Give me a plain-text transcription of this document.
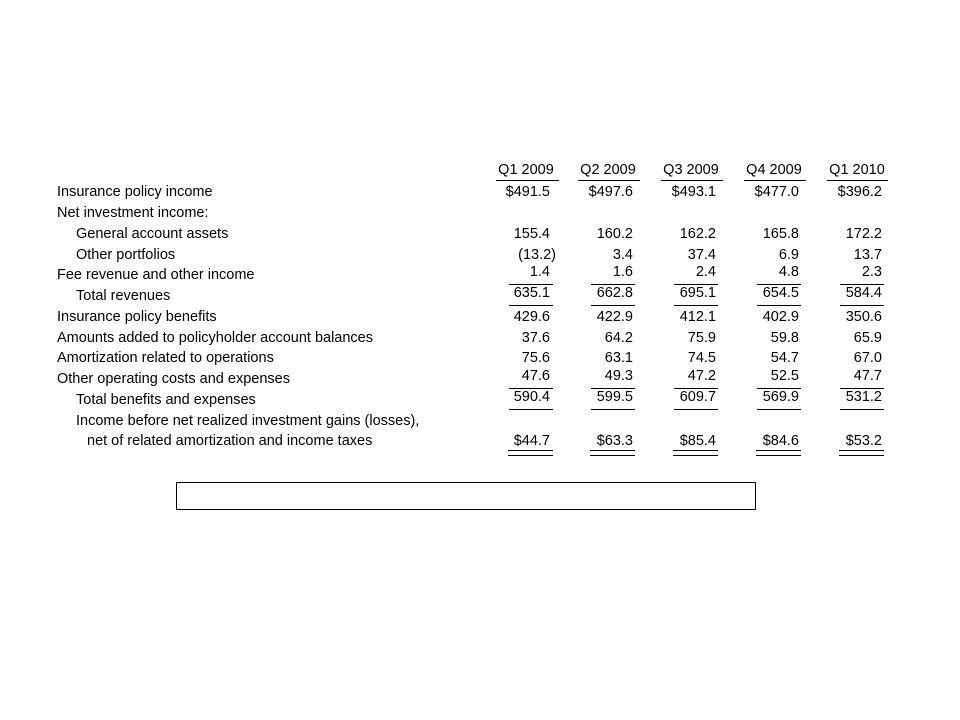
Q1 2009	Q2 2009	Q3 2009	Q4 2009	Q1 2010
Insurance policy income	$491.5	$497.6	$493.1	$477.0	$396.2
Net investment income:
General account assets	155.4	160.2	162.2	165.8	172.2
Other portfolios	(13.2)	3.4	37.4	6.9	13.7
Fee revenue and other income	1.4	1.6	2.4	4.8	2.3
Total revenues	635.1	662.8	695.1	654.5	584.4
Insurance policy benefits	429.6	422.9	412.1	402.9	350.6
Amounts added to policyholder account balances	37.6	64.2	75.9	59.8	65.9
Amortization related to operations	75.6	63.1	74.5	54.7	67.0
Other operating costs and expenses	47.6	49.3	47.2	52.5	47.7
Total benefits and expenses	590.4	599.5	609.7	569.9	531.2
Income before net realized investment gains (losses),
net of related amortization and income taxes	$44.7	$63.3	$85.4	$84.6	$53.2
